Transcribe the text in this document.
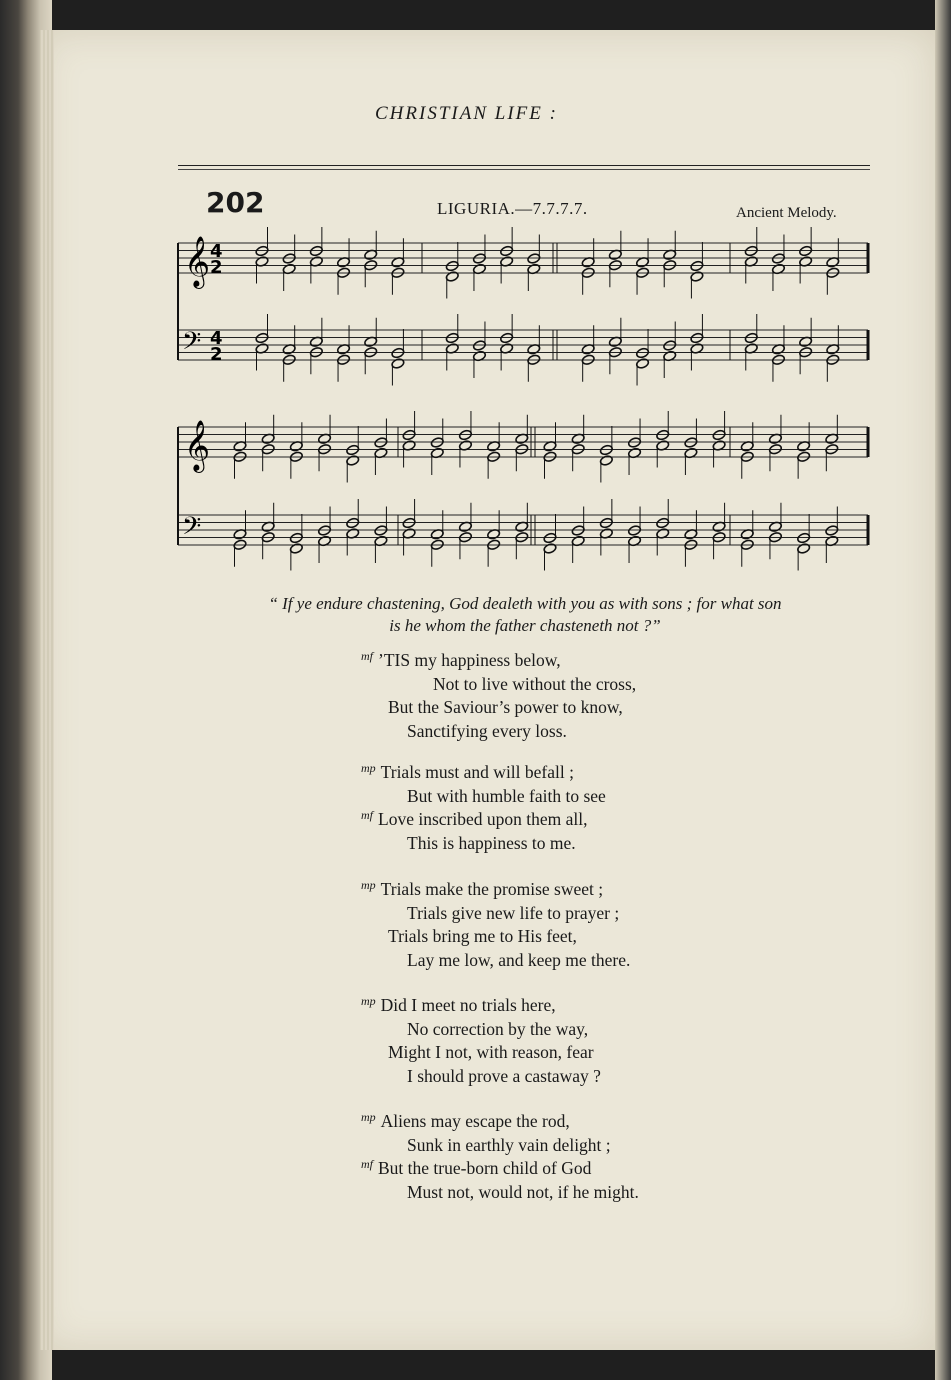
CHRISTIAN LIFE :
202	LIGURIA.—7.7.7.7.	Ancient Melody.
𝄞
𝄢
4
2
4
2
𝄞
𝄢
“ If ye endure chastening, God dealeth with you as with sons ; for what son
is he whom the father chasteneth not ?”
$^{mf}$ ’TIS my happiness below,
Not to live without the cross,
But the Saviour’s power to know,
Sanctifying every loss.
$^{mp}$ Trials must and will befall ;
But with humble faith to see
$^{mf}$ Love inscribed upon them all,
This is happiness to me.
$^{mp}$ Trials make the promise sweet ;
Trials give new life to prayer ;
Trials bring me to His feet,
Lay me low, and keep me there.
$^{mp}$ Did I meet no trials here,
No correction by the way,
Might I not, with reason, fear
I should prove a castaway ?
$^{mp}$ Aliens may escape the rod,
Sunk in earthly vain delight ;
$^{mf}$ But the true-born child of God
Must not, would not, if he might.
